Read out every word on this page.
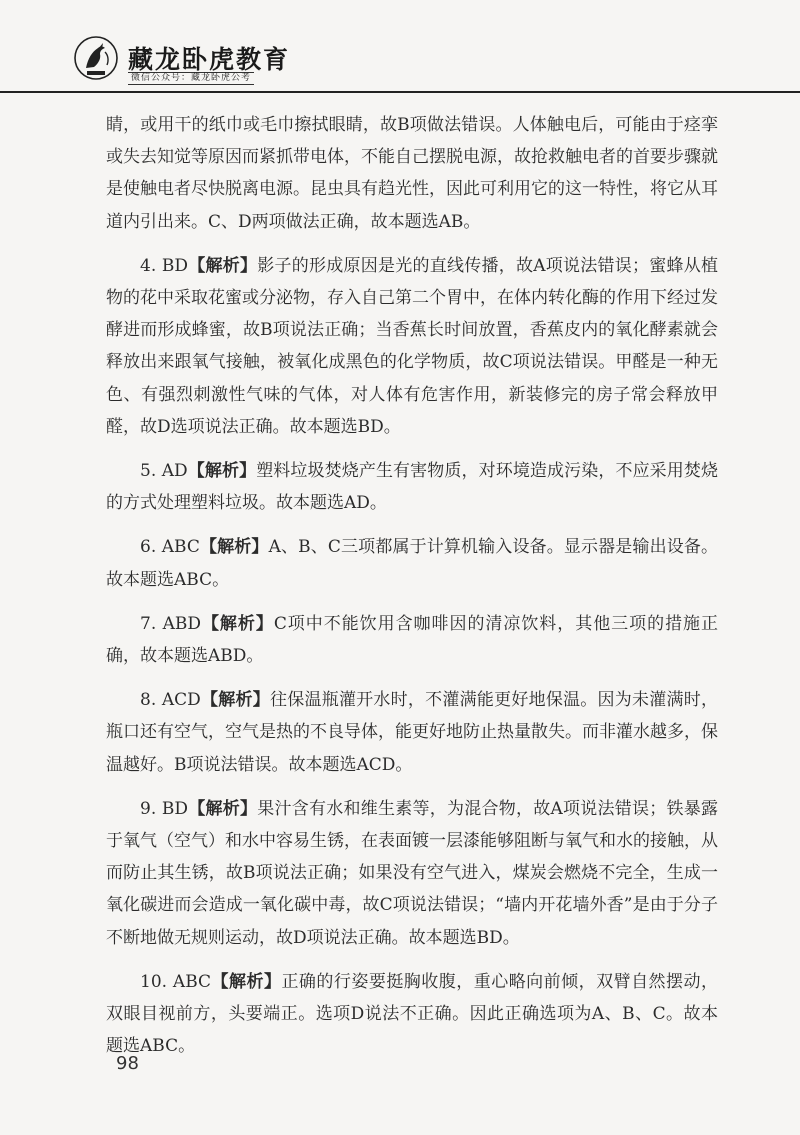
藏龙卧虎教育
微信公众号：藏龙卧虎公考

睛，或用干的纸巾或毛巾擦拭眼睛，故B项做法错误。人体触电后，可能由于痉挛或失去知觉等原因而紧抓带电体，不能自己摆脱电源，故抢救触电者的首要步骤就是使触电者尽快脱离电源。昆虫具有趋光性，因此可利用它的这一特性，将它从耳道内引出来。C、D两项做法正确，故本题选AB。

4. BD【解析】影子的形成原因是光的直线传播，故A项说法错误；蜜蜂从植物的花中采取花蜜或分泌物，存入自己第二个胃中，在体内转化酶的作用下经过发酵进而形成蜂蜜，故B项说法正确；当香蕉长时间放置，香蕉皮内的氧化酵素就会释放出来跟氧气接触，被氧化成黑色的化学物质，故C项说法错误。甲醛是一种无色、有强烈刺激性气味的气体，对人体有危害作用，新装修完的房子常会释放甲醛，故D选项说法正确。故本题选BD。

5. AD【解析】塑料垃圾焚烧产生有害物质，对环境造成污染，不应采用焚烧的方式处理塑料垃圾。故本题选AD。

6. ABC【解析】A、B、C三项都属于计算机输入设备。显示器是输出设备。故本题选ABC。

7. ABD【解析】C项中不能饮用含咖啡因的清凉饮料，其他三项的措施正确，故本题选ABD。

8. ACD【解析】往保温瓶灌开水时，不灌满能更好地保温。因为未灌满时，瓶口还有空气，空气是热的不良导体，能更好地防止热量散失。而非灌水越多，保温越好。B项说法错误。故本题选ACD。

9. BD【解析】果汁含有水和维生素等，为混合物，故A项说法错误；铁暴露于氧气（空气）和水中容易生锈，在表面镀一层漆能够阻断与氧气和水的接触，从而防止其生锈，故B项说法正确；如果没有空气进入，煤炭会燃烧不完全，生成一氧化碳进而会造成一氧化碳中毒，故C项说法错误；“墙内开花墙外香”是由于分子不断地做无规则运动，故D项说法正确。故本题选BD。

10. ABC【解析】正确的行姿要挺胸收腹，重心略向前倾，双臂自然摆动，双眼目视前方，头要端正。选项D说法不正确。因此正确选项为A、B、C。故本题选ABC。

98
